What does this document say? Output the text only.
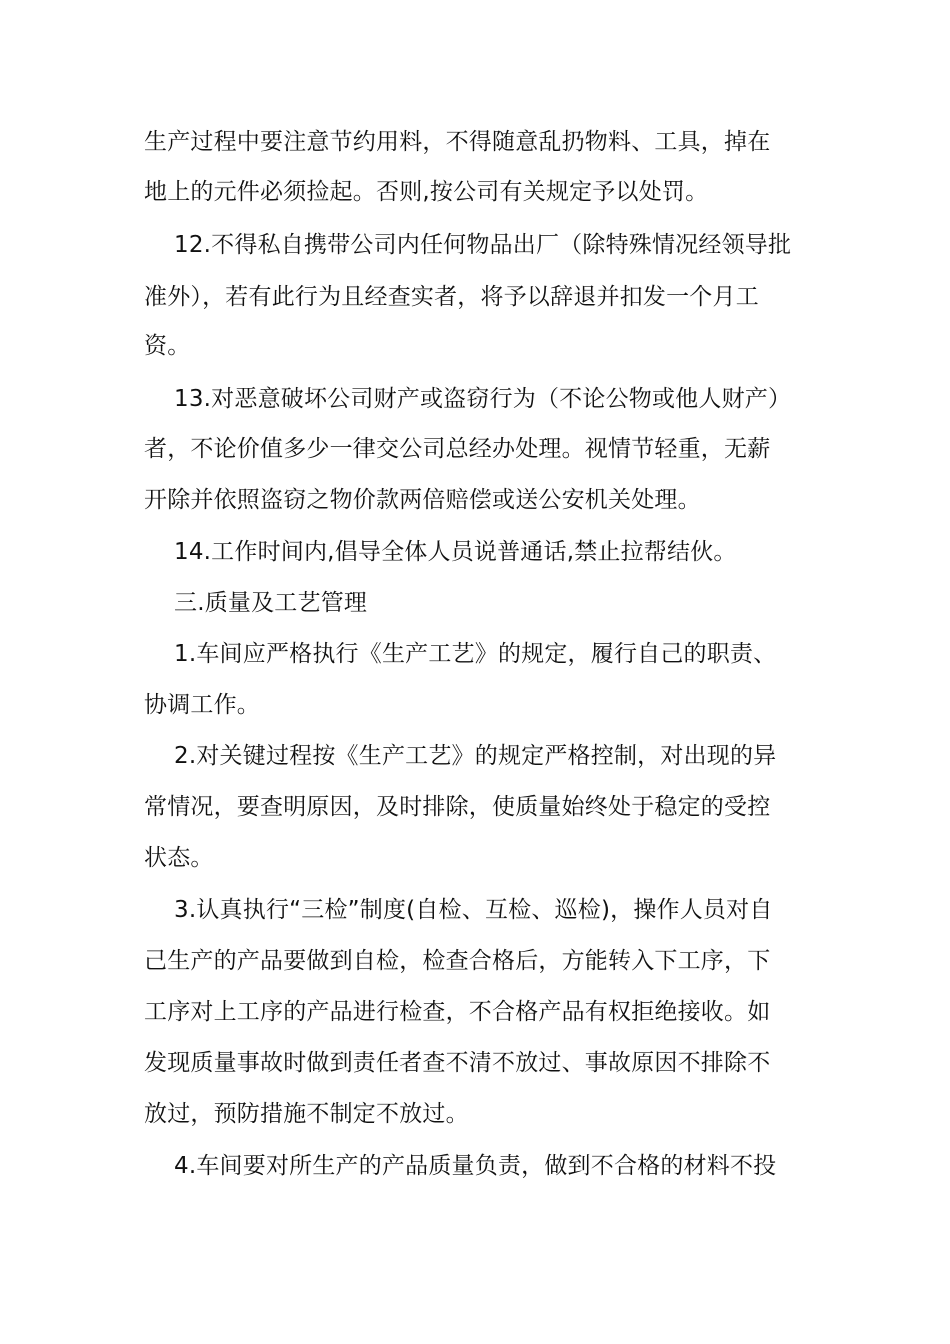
生产过程中要注意节约用料，不得随意乱扔物料、工具，掉在
地上的元件必须捡起。否则,按公司有关规定予以处罚。
12.不得私自携带公司内任何物品出厂（除特殊情况经领导批
准外），若有此行为且经查实者，将予以辞退并扣发一个月工
资。
13.对恶意破坏公司财产或盗窃行为（不论公物或他人财产）
者，不论价值多少一律交公司总经办处理。视情节轻重，无薪
开除并依照盗窃之物价款两倍赔偿或送公安机关处理。
14.工作时间内,倡导全体人员说普通话,禁止拉帮结伙。
三.质量及工艺管理
1.车间应严格执行《生产工艺》的规定，履行自己的职责、
协调工作。
2.对关键过程按《生产工艺》的规定严格控制，对出现的异
常情况，要查明原因，及时排除，使质量始终处于稳定的受控
状态。
3.认真执行“三检”制度(自检、互检、巡检)，操作人员对自
己生产的产品要做到自检，检查合格后，方能转入下工序，下
工序对上工序的产品进行检查，不合格产品有权拒绝接收。如
发现质量事故时做到责任者查不清不放过、事故原因不排除不
放过，预防措施不制定不放过。
4.车间要对所生产的产品质量负责，做到不合格的材料不投
